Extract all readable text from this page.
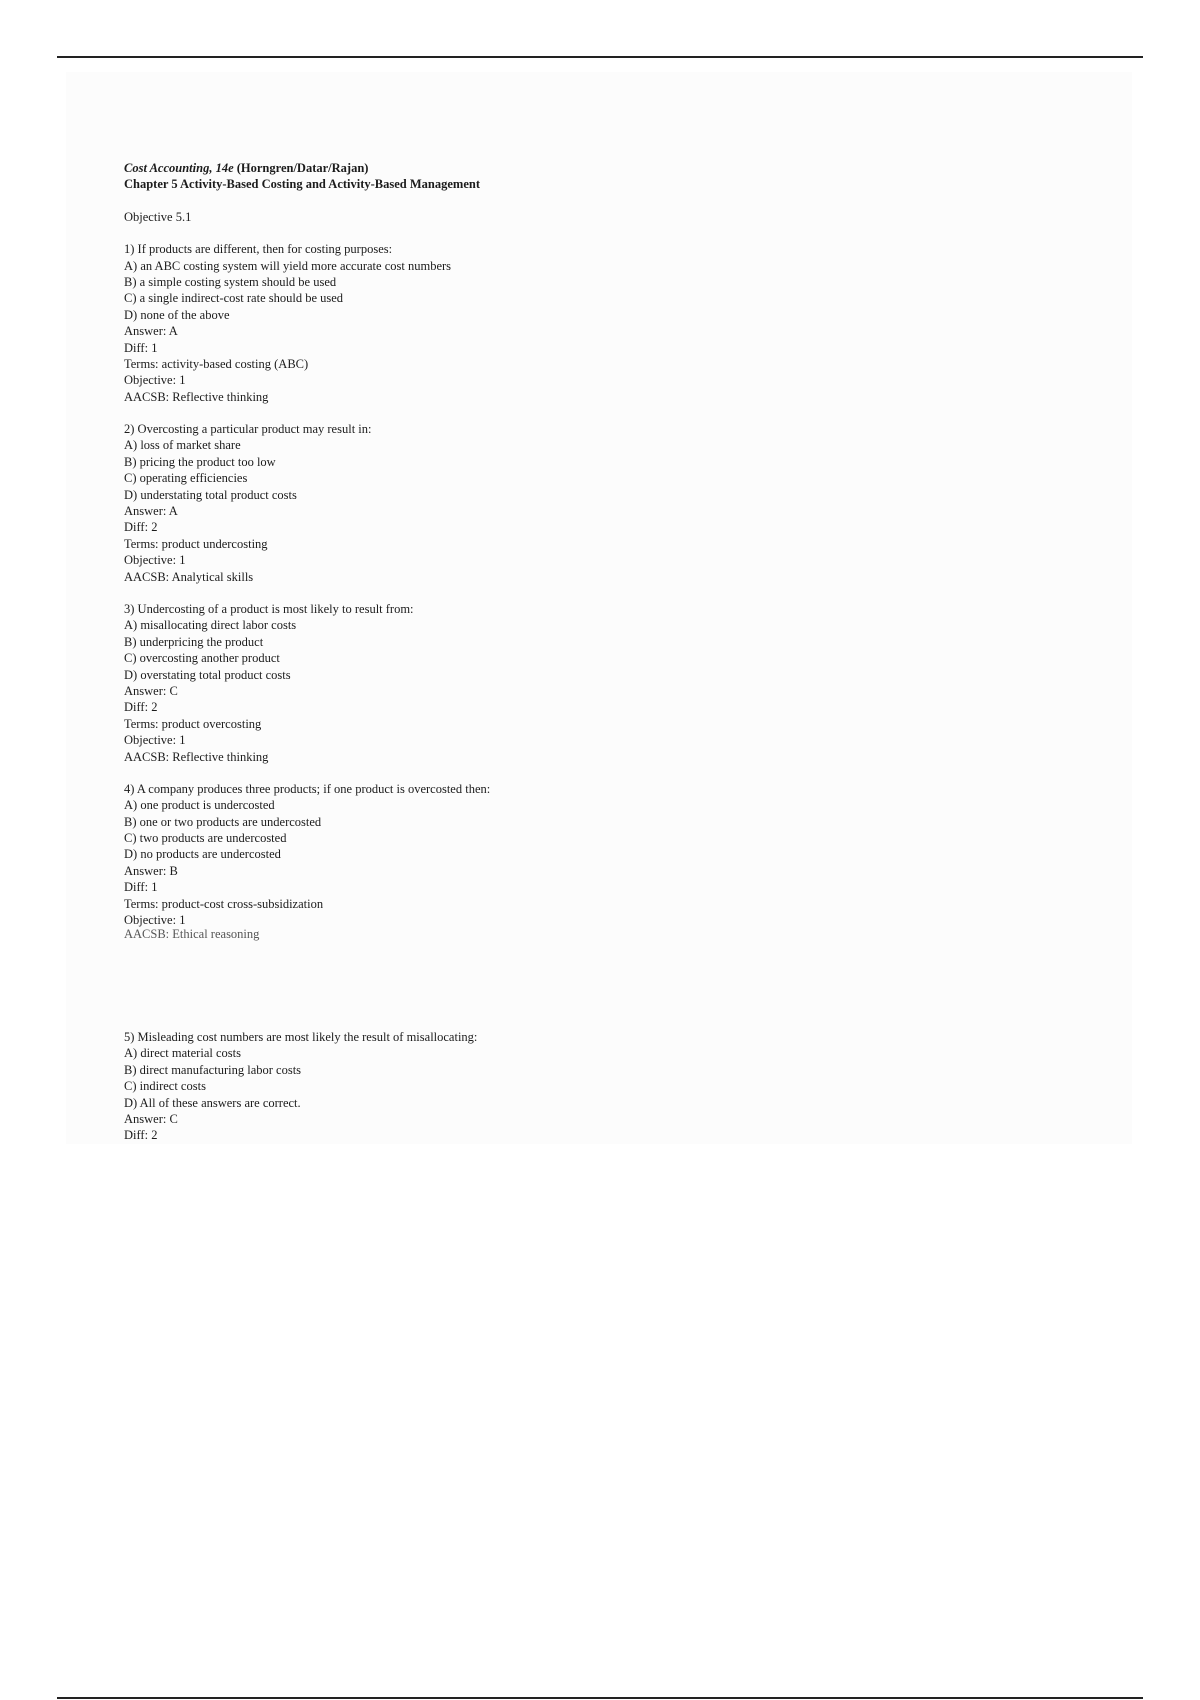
Cost Accounting, 14e (Horngren/Datar/Rajan)
Chapter 5 Activity-Based Costing and Activity-Based Management
Objective 5.1
1) If products are different, then for costing purposes:
A) an ABC costing system will yield more accurate cost numbers
B) a simple costing system should be used
C) a single indirect-cost rate should be used
D) none of the above
Answer: A
Diff: 1
Terms: activity-based costing (ABC)
Objective: 1
AACSB: Reflective thinking
2) Overcosting a particular product may result in:
A) loss of market share
B) pricing the product too low
C) operating efficiencies
D) understating total product costs
Answer: A
Diff: 2
Terms: product undercosting
Objective: 1
AACSB: Analytical skills
3) Undercosting of a product is most likely to result from:
A) misallocating direct labor costs
B) underpricing the product
C) overcosting another product
D) overstating total product costs
Answer: C
Diff: 2
Terms: product overcosting
Objective: 1
AACSB: Reflective thinking
4) A company produces three products; if one product is overcosted then:
A) one product is undercosted
B) one or two products are undercosted
C) two products are undercosted
D) no products are undercosted
Answer: B
Diff: 1
Terms: product-cost cross-subsidization
Objective: 1
AACSB: Ethical reasoning
5) Misleading cost numbers are most likely the result of misallocating:
A) direct material costs
B) direct manufacturing labor costs
C) indirect costs
D) All of these answers are correct.
Answer: C
Diff: 2
